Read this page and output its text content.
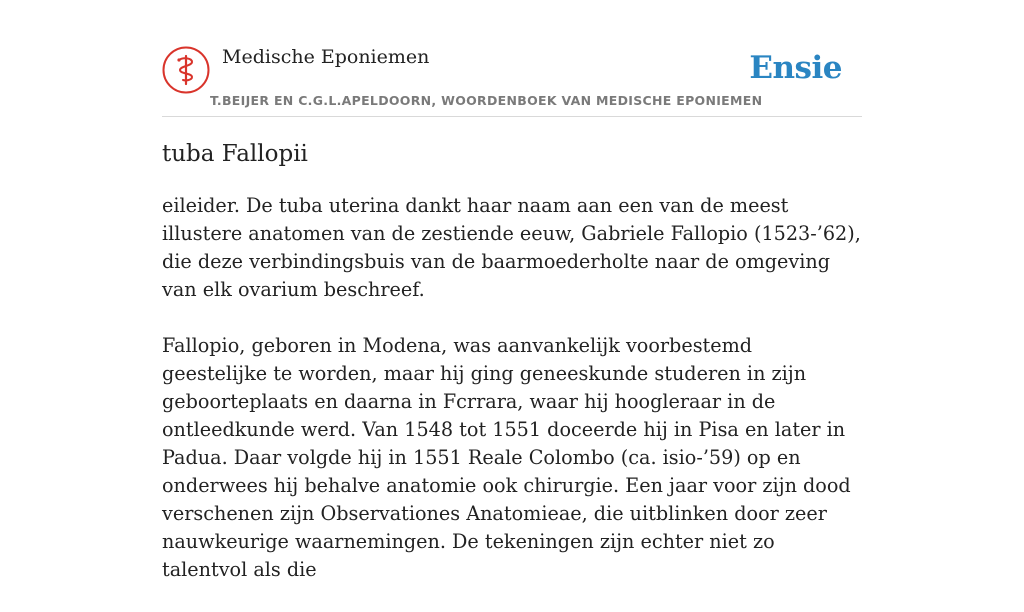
Medische Eponiemen
T.BEIJER EN C.G.L.APELDOORN, WOORDENBOEK VAN MEDISCHE EPONIEMEN
Ensie
tuba Fallopii

eileider. De tuba uterina dankt haar naam aan een van de meest illustere anatomen van de zestiende eeuw, Gabriele Fallopio (1523-’62), die deze verbindingsbuis van de baarmoederholte naar de omgeving van elk ovarium beschreef.

Fallopio, geboren in Modena, was aanvankelijk voorbestemd geestelijke te worden, maar hij ging geneeskunde studeren in zijn geboorteplaats en daarna in Fcrrara, waar hij hoogleraar in de ontleedkunde werd. Van 1548 tot 1551 doceerde hij in Pisa en later in Padua. Daar volgde hij in 1551 Reale Colombo (ca. isio-’59) op en onderwees hij behalve anatomie ook chirurgie. Een jaar voor zijn dood verschenen zijn Observationes Anatomieae, die uitblinken door zeer nauwkeurige waarnemingen. De tekeningen zijn echter niet zo talentvol als die
